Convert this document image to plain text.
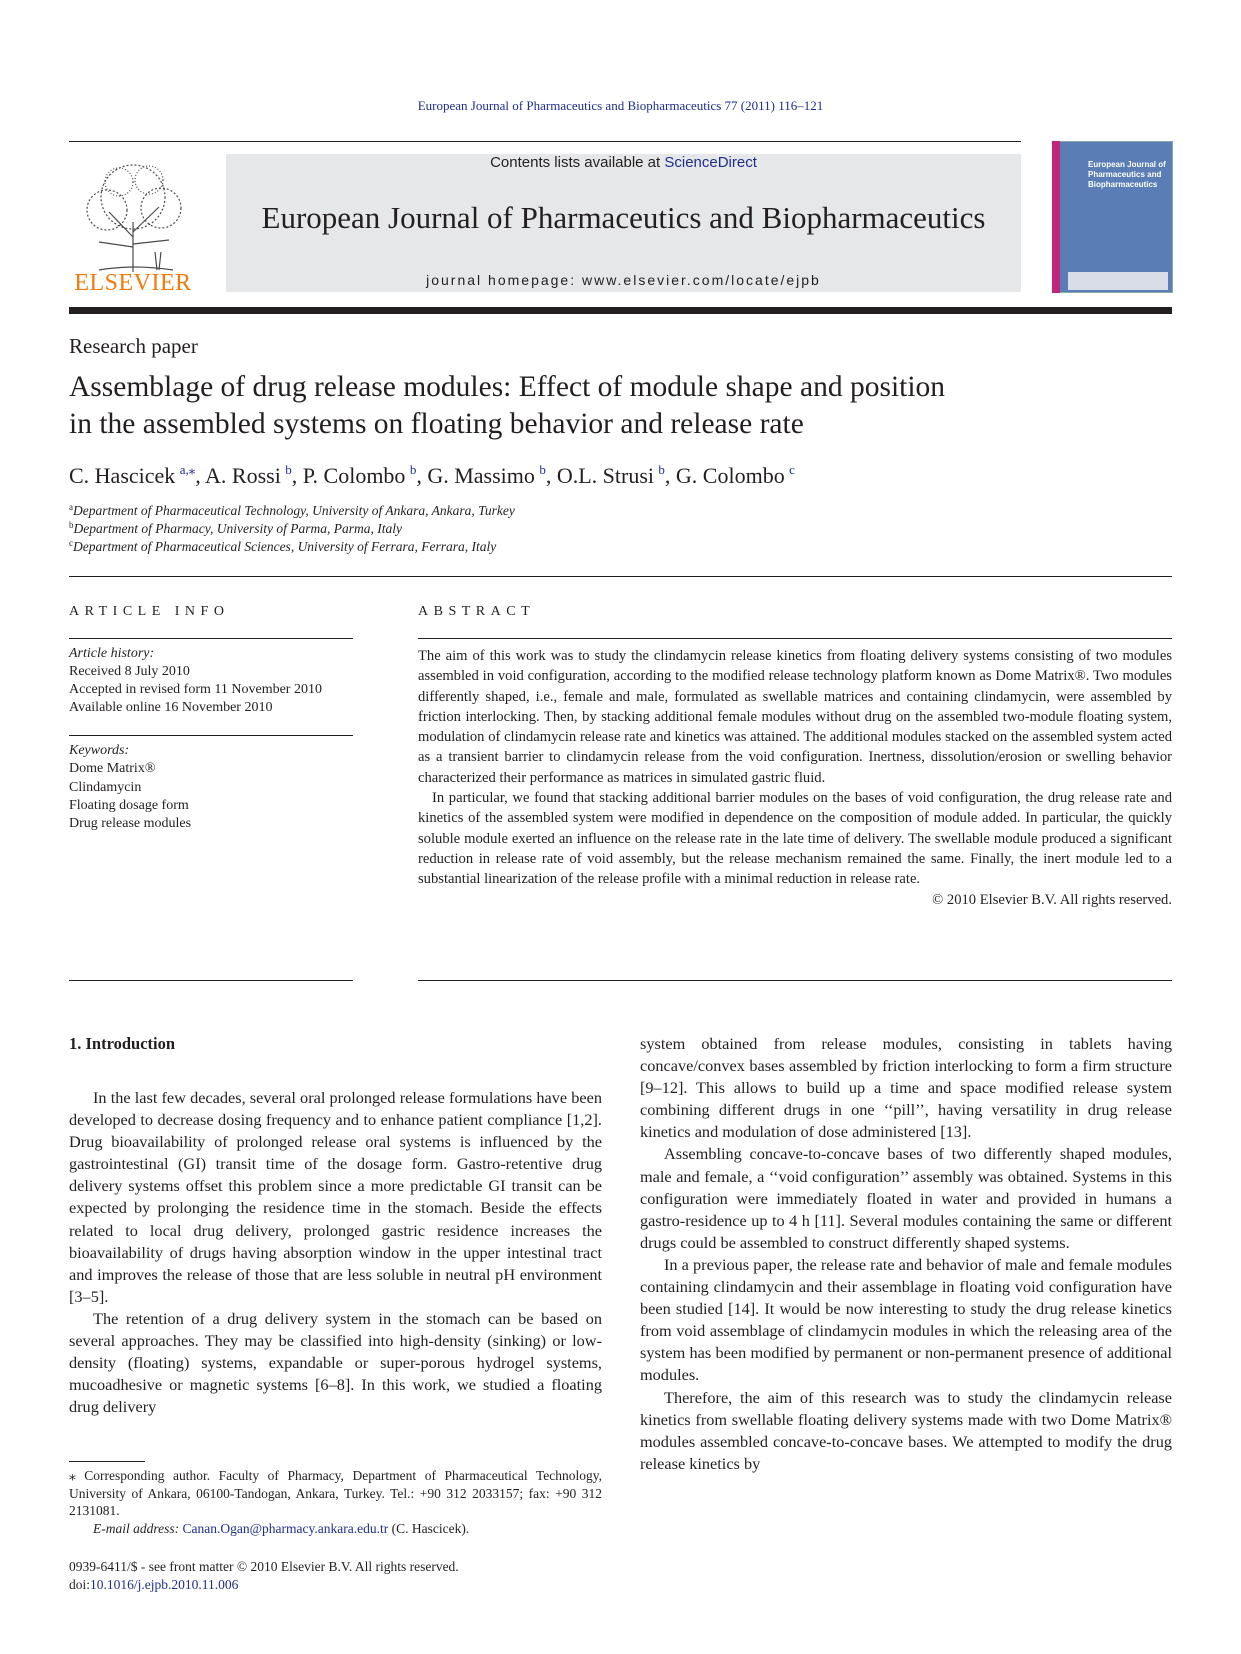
European Journal of Pharmaceutics and Biopharmaceutics 77 (2011) 116–121
ELSEVIER
Contents lists available at ScienceDirect
European Journal of Pharmaceutics and Biopharmaceutics
journal homepage: www.elsevier.com/locate/ejpb
European Journal of Pharmaceutics and Biopharmaceutics
Research paper
Assemblage of drug release modules: Effect of module shape and position
in the assembled systems on floating behavior and release rate
C. Hascicek  $^{a,⁎}$, A. Rossi  $^b$, P. Colombo  $^b$, G. Massimo  $^b$, O.L. Strusi  $^b$, G. Colombo  $^c$
$^a$Department of Pharmaceutical Technology, University of Ankara, Ankara, Turkey
$^b$Department of Pharmacy, University of Parma, Parma, Italy
$^c$Department of Pharmaceutical Sciences, University of Ferrara, Ferrara, Italy
ARTICLE INFO	ABSTRACT
Article history:
Received 8 July 2010
Accepted in revised form 11 November 2010
Available online 16 November 2010
Keywords:
Dome Matrix®
Clindamycin
Floating dosage form
Drug release modules

The aim of this work was to study the clindamycin release kinetics from floating delivery systems consisting of two modules assembled in void configuration, according to the modified release technology platform known as Dome Matrix®. Two modules differently shaped, i.e., female and male, formulated as swellable matrices and containing clindamycin, were assembled by friction interlocking. Then, by stacking additional female modules without drug on the assembled two-module floating system, modulation of clindamycin release rate and kinetics was attained. The additional modules stacked on the assembled system acted as a transient barrier to clindamycin release from the void configuration. Inertness, dissolution/erosion or swelling behavior characterized their performance as matrices in simulated gastric fluid.

In particular, we found that stacking additional barrier modules on the bases of void configuration, the drug release rate and kinetics of the assembled system were modified in dependence on the composition of module added. In particular, the quickly soluble module exerted an influence on the release rate in the late time of delivery. The swellable module produced a significant reduction in release rate of void assembly, but the release mechanism remained the same. Finally, the inert module led to a substantial linearization of the release profile with a minimal reduction in release rate.

© 2010 Elsevier B.V. All rights reserved.

1. Introduction

In the last few decades, several oral prolonged release formulations have been developed to decrease dosing frequency and to enhance patient compliance [1,2]. Drug bioavailability of prolonged release oral systems is influenced by the gastrointestinal (GI) transit time of the dosage form. Gastro-retentive drug delivery systems offset this problem since a more predictable GI transit can be expected by prolonging the residence time in the stomach. Beside the effects related to local drug delivery, prolonged gastric residence increases the bioavailability of drugs having absorption window in the upper intestinal tract and improves the release of those that are less soluble in neutral pH environment [3–5].

The retention of a drug delivery system in the stomach can be based on several approaches. They may be classified into high-density (sinking) or low-density (floating) systems, expandable or super-porous hydrogel systems, mucoadhesive or magnetic systems [6–8]. In this work, we studied a floating drug delivery

system obtained from release modules, consisting in tablets having concave/convex bases assembled by friction interlocking to form a firm structure [9–12]. This allows to build up a time and space modified release system combining different drugs in one ‘‘pill’’, having versatility in drug release kinetics and modulation of dose administered [13].

Assembling concave-to-concave bases of two differently shaped modules, male and female, a ‘‘void configuration’’ assembly was obtained. Systems in this configuration were immediately floated in water and provided in humans a gastro-residence up to 4 h [11]. Several modules containing the same or different drugs could be assembled to construct differently shaped systems.

In a previous paper, the release rate and behavior of male and female modules containing clindamycin and their assemblage in floating void configuration have been studied [14]. It would be now interesting to study the drug release kinetics from void assemblage of clindamycin modules in which the releasing area of the system has been modified by permanent or non-permanent presence of additional modules.

Therefore, the aim of this research was to study the clindamycin release kinetics from swellable floating delivery systems made with two Dome Matrix® modules assembled concave-to-concave bases. We attempted to modify the drug release kinetics by

⁎ Corresponding author. Faculty of Pharmacy, Department of Pharmaceutical Technology, University of Ankara, 06100-Tandogan, Ankara, Turkey. Tel.: +90 312 2033157; fax: +90 312 2131081.

E-mail address: Canan.Ogan@pharmacy.ankara.edu.tr (C. Hascicek).

0939-6411/$ - see front matter © 2010 Elsevier B.V. All rights reserved.
doi:10.1016/j.ejpb.2010.11.006
